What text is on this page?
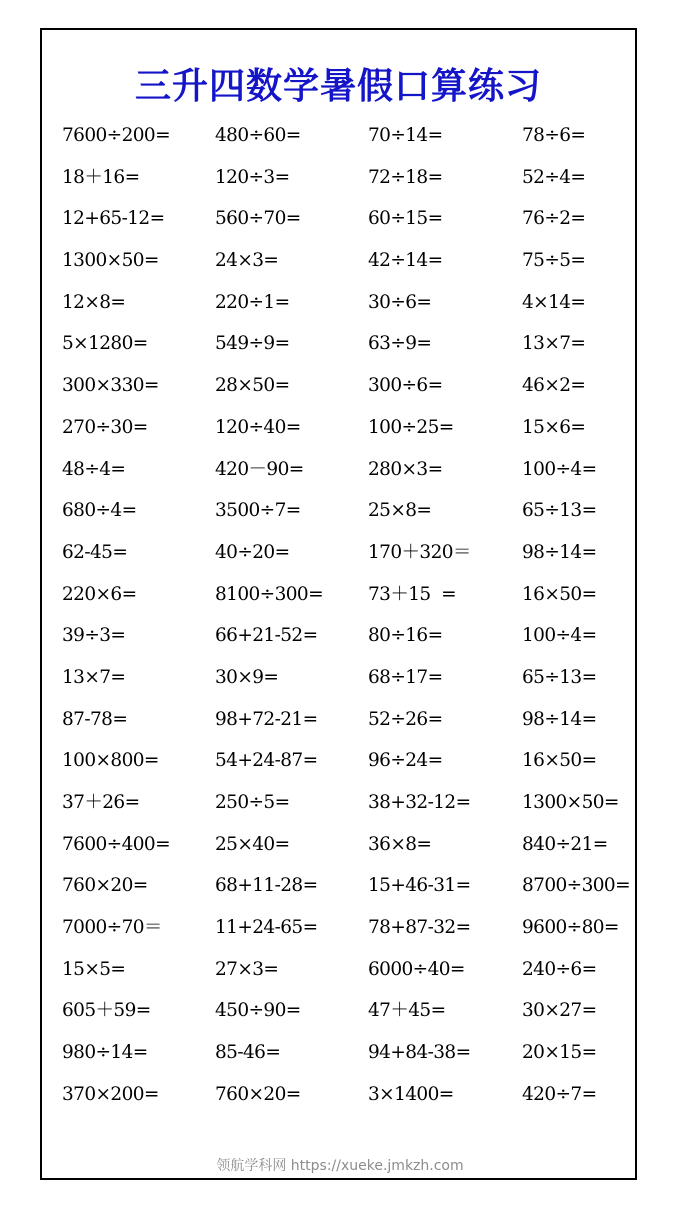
三升四数学暑假口算练习
7600÷200= 480÷60=	70÷14=	78÷6=
18＋16=	120÷3=	72÷18=	52÷4=
12+65-12=	560÷70=	60÷15=	76÷2=
1300×50=	24×3=	42÷14=	75÷5=
12×8=	220÷1=	30÷6=	4×14=
5×1280=	549÷9=	63÷9=	13×7=
300×330=	28×50=	300÷6=	46×2=
270÷30=	120÷40=	100÷25=	15×6=
48÷4=	420－90=	280×3=	100÷4=
680÷4=	3500÷7=	25×8=	65÷13=
62-45=	40÷20=	170＋320＝	98÷14=
220×6=	8100÷300= 73＋15  =	16×50=
39÷3=	66+21-52=	80÷16=	100÷4=
13×7=	30×9=	68÷17=	65÷13=
87-78=	98+72-21=	52÷26=	98÷14=
100×800=	54+24-87=	96÷24=	16×50=
37＋26=	250÷5=	38+32-12=	1300×50=
7600÷400= 25×40=	36×8=	840÷21=
760×20=	68+11-28=	15+46-31=	8700÷300=
7000÷70＝	11+24-65=	78+87-32=	9600÷80=
15×5=	27×3=	6000÷40=	240÷6=
605＋59=	450÷90=	47＋45=	30×27=
980÷14=	85-46=	94+84-38=	20×15=
370×200=	760×20=	3×1400=	420÷7=
领航学科网 https://xueke.jmkzh.com
